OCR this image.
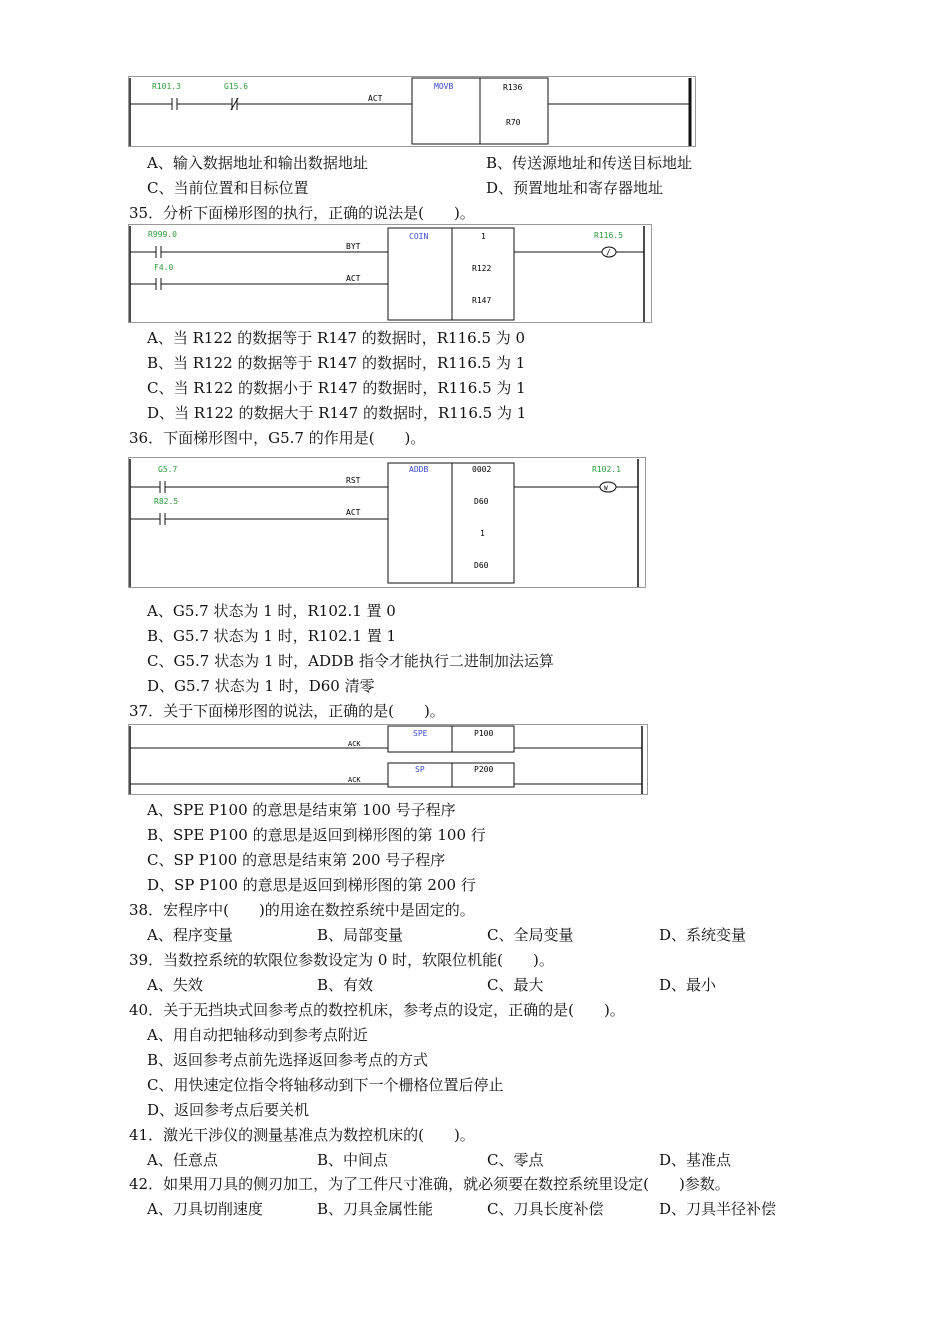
R101.3	G15.6
ACT
MOVB	R136
R70
A、输入数据地址和输出数据地址	B、传送源地址和传送目标地址
C、当前位置和目标位置	D、预置地址和寄存器地址
35．分析下面梯形图的执行，正确的说法是(　　)。
R999.0
F4.0
BYT
ACT
/
R116.5
COIN	1
R122
R147
A、当 R122 的数据等于 R147 的数据时，R116.5 为 0
B、当 R122 的数据等于 R147 的数据时，R116.5 为 1
C、当 R122 的数据小于 R147 的数据时，R116.5 为 1
D、当 R122 的数据大于 R147 的数据时，R116.5 为 1
36．下面梯形图中，G5.7 的作用是(　　)。
G5.7
R82.5
RST
ACT
W
R102.1
ADDB	0002
D60
1
D60
A、G5.7 状态为 1 时，R102.1 置 0
B、G5.7 状态为 1 时，R102.1 置 1
C、G5.7 状态为 1 时，ADDB 指令才能执行二进制加法运算
D、G5.7 状态为 1 时，D60 清零
37．关于下面梯形图的说法，正确的是(　　)。
ACK
ACK
SPE	P100
SP	P200
A、SPE P100 的意思是结束第 100 号子程序
B、SPE P100 的意思是返回到梯形图的第 100 行
C、SP P100 的意思是结束第 200 号子程序
D、SP P100 的意思是返回到梯形图的第 200 行
38．宏程序中(　　)的用途在数控系统中是固定的。
A、程序变量	B、局部变量	C、全局变量	D、系统变量
39．当数控系统的软限位参数设定为 0 时，软限位机能(　　)。
A、失效	B、有效	C、最大	D、最小
40．关于无挡块式回参考点的数控机床，参考点的设定，正确的是(　　)。
A、用自动把轴移动到参考点附近
B、返回参考点前先选择返回参考点的方式
C、用快速定位指令将轴移动到下一个栅格位置后停止
D、返回参考点后要关机
41．激光干涉仪的测量基准点为数控机床的(　　)。
A、任意点	B、中间点	C、零点	D、基准点
42．如果用刀具的侧刃加工，为了工件尺寸准确，就必须要在数控系统里设定(　　)参数。
A、刀具切削速度	B、刀具金属性能	C、刀具长度补偿	D、刀具半径补偿
